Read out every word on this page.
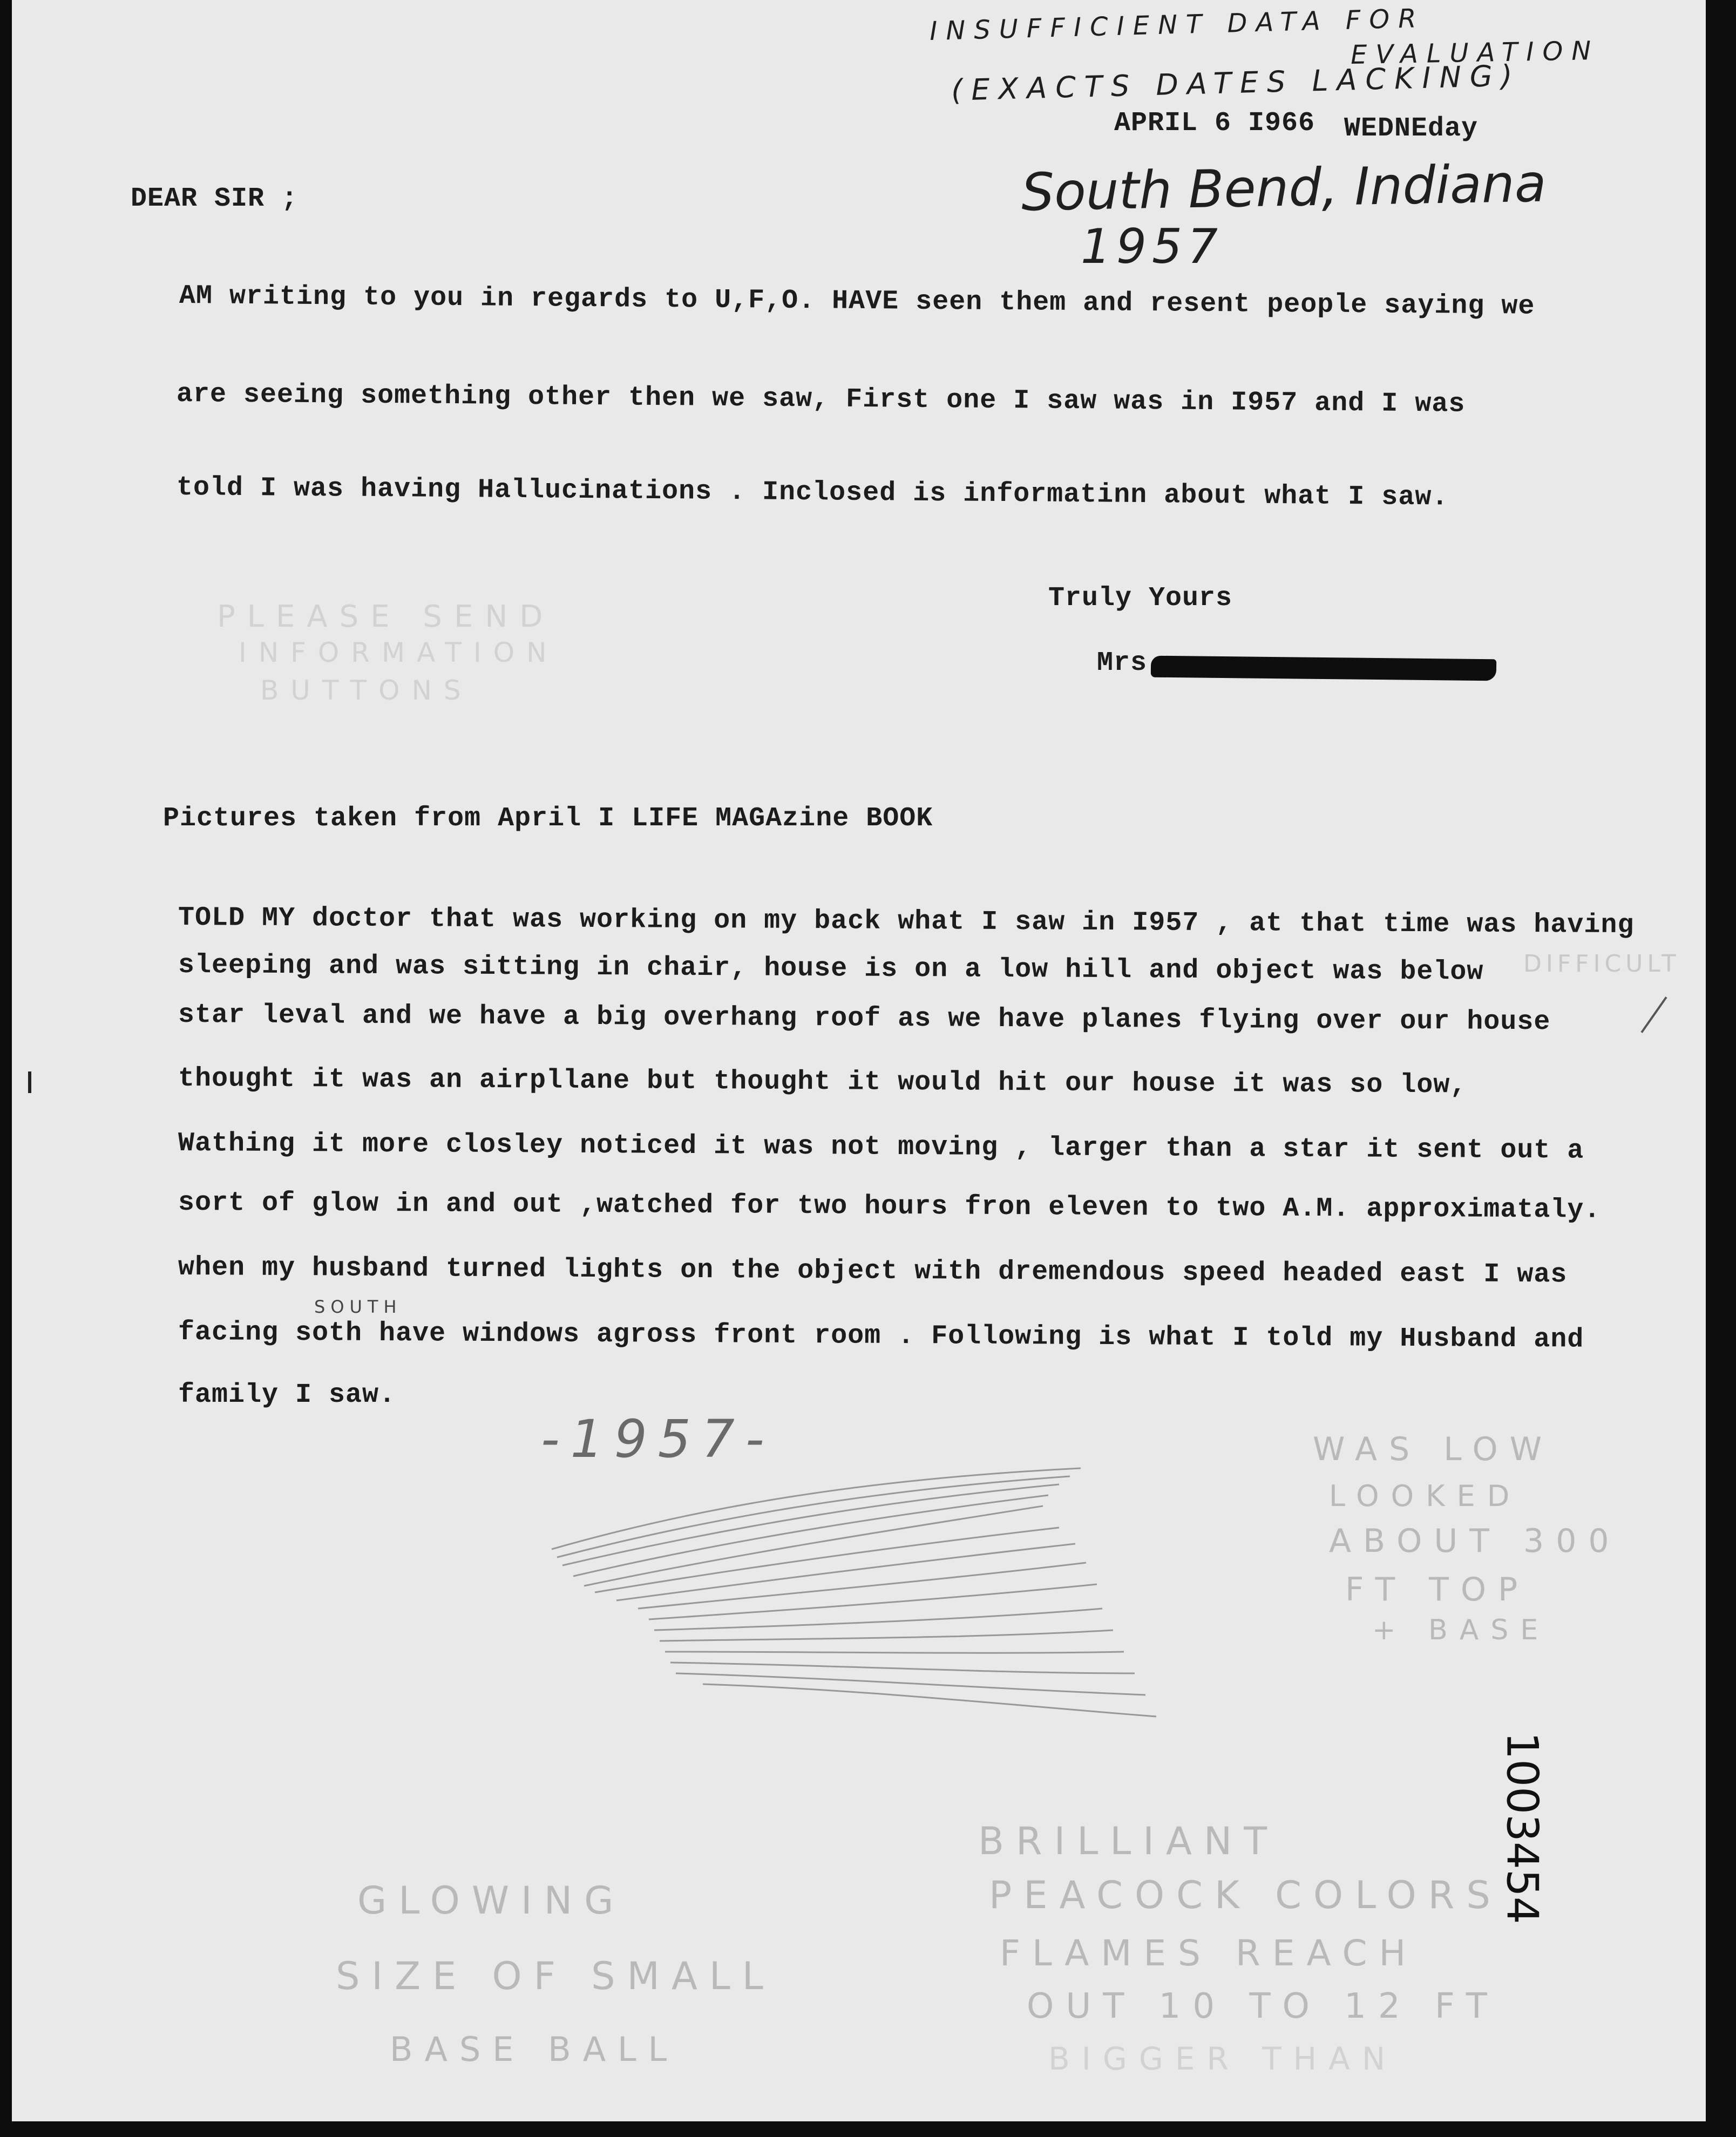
INSUFFICIENT DATA FOR
EVALUATION
(EXACTS DATES LACKING)
APRIL 6 I966 WEDNEday
South Bend, Indiana
1957
DEAR SIR ;
AM writing to you in regards to U,F,O. HAVE seen them and resent people saying we
are seeing something other then we saw, First one I saw was in I957 and I was
told I was having Hallucinations . Inclosed is informatinn about what I saw.
Truly Yours
Mrs
PLEASE SEND
INFORMATION
BUTTONS
Pictures taken from April I LIFE MAGAzine BOOK
TOLD MY doctor that was working on my back what I saw in I957 , at that time was having
sleeping and was sitting in chair, house is on a low hill and object was below
star leval and we have a big overhang roof as we have planes flying over our house
thought it was an airpllane but thought it would hit our house it was so low,
Wathing it more closley noticed it was not moving , larger than a star it sent out a
sort of glow in and out ,watched for two hours fron eleven to two A.M. approximataly.
when my husband turned lights on the object with dremendous speed headed east I was
facing soth have windows agross front room . Following is what I told my Husband and
family I saw.
SOUTH
DIFFICULT
-1957-	WAS LOW
LOOKED
ABOUT 300
FT TOP
+ BASE
1003454
GLOWING
SIZE OF SMALL
BASE BALL
BRILLIANT
PEACOCK COLORS
FLAMES REACH
OUT 10 TO 12 FT
BIGGER THAN
